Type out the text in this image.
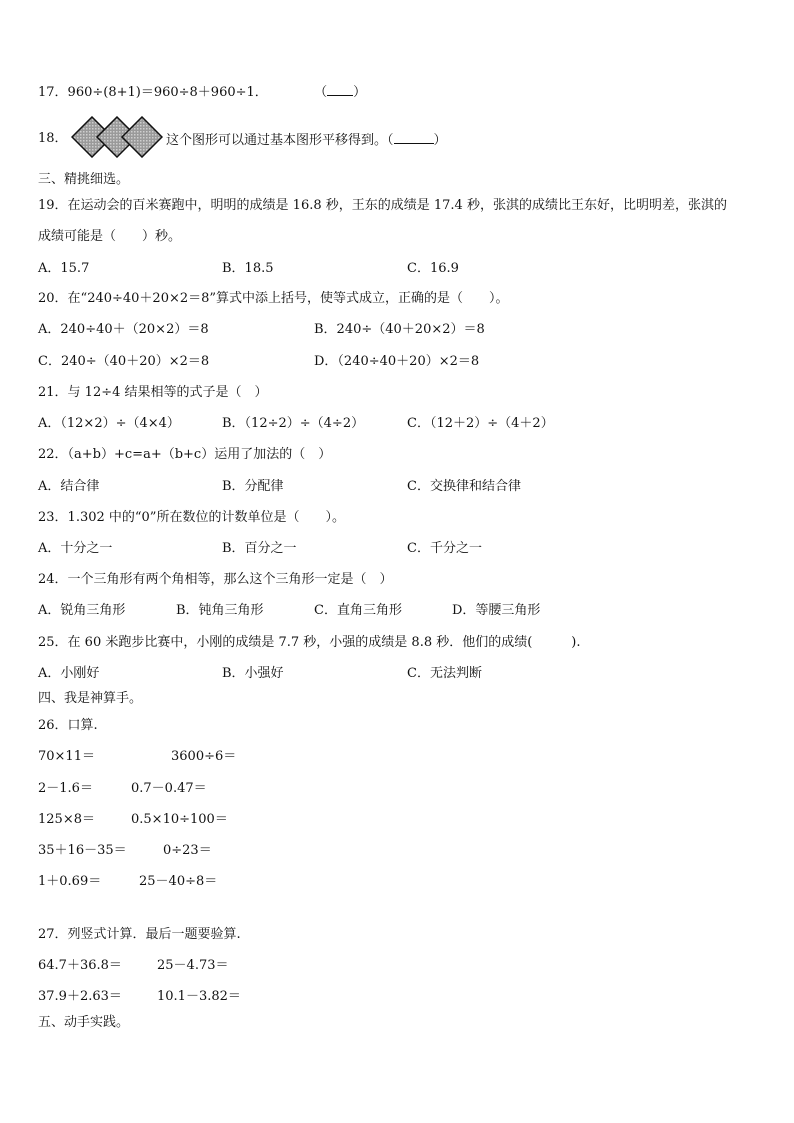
17．960÷(8+1)＝960÷8＋960÷1．	（ ）
18．	这个图形可以通过基本图形平移得到。（	）
三、精挑细选。
19．在运动会的百米赛跑中，明明的成绩是 16.8 秒，王东的成绩是 17.4 秒，张淇的成绩比王东好，比明明差，张淇的
成绩可能是（　　）秒。
A．15.7	B．18.5	C．16.9
20．在“240÷40＋20×2＝8”算式中添上括号，使等式成立，正确的是（　　）。
A．240÷40＋（20×2）＝8	B．240÷（40＋20×2）＝8
C．240÷（40＋20）×2＝8	D．（240÷40＋20）×2＝8
21．与 12÷4 结果相等的式子是（　）
A．（12×2）÷（4×4）	B．（12÷2）÷（4÷2）	C．（12＋2）÷（4＋2）
22．（a+b）+c=a+（b+c）运用了加法的（　）
A．结合律	B．分配律	C．交换律和结合律
23．1.302 中的“0”所在数位的计数单位是（　　）。
A．十分之一	B．百分之一	C．千分之一
24．一个三角形有两个角相等，那么这个三角形一定是（　）
A．锐角三角形	B．钝角三角形	C．直角三角形	D．等腰三角形
25．在 60 米跑步比赛中，小刚的成绩是 7.7 秒，小强的成绩是 8.8 秒．他们的成绩(　　　).
A．小刚好	B．小强好	C．无法判断
四、我是神算手。
26．口算.
70×11＝	3600÷6＝
2－1.6＝	0.7－0.47＝
125×8＝	0.5×10÷100＝
35＋16－35＝	0÷23＝
1＋0.69＝	25－40÷8＝
27．列竖式计算．最后一题要验算.
64.7＋36.8＝	25－4.73＝
37.9＋2.63＝	10.1－3.82＝
五、动手实践。
